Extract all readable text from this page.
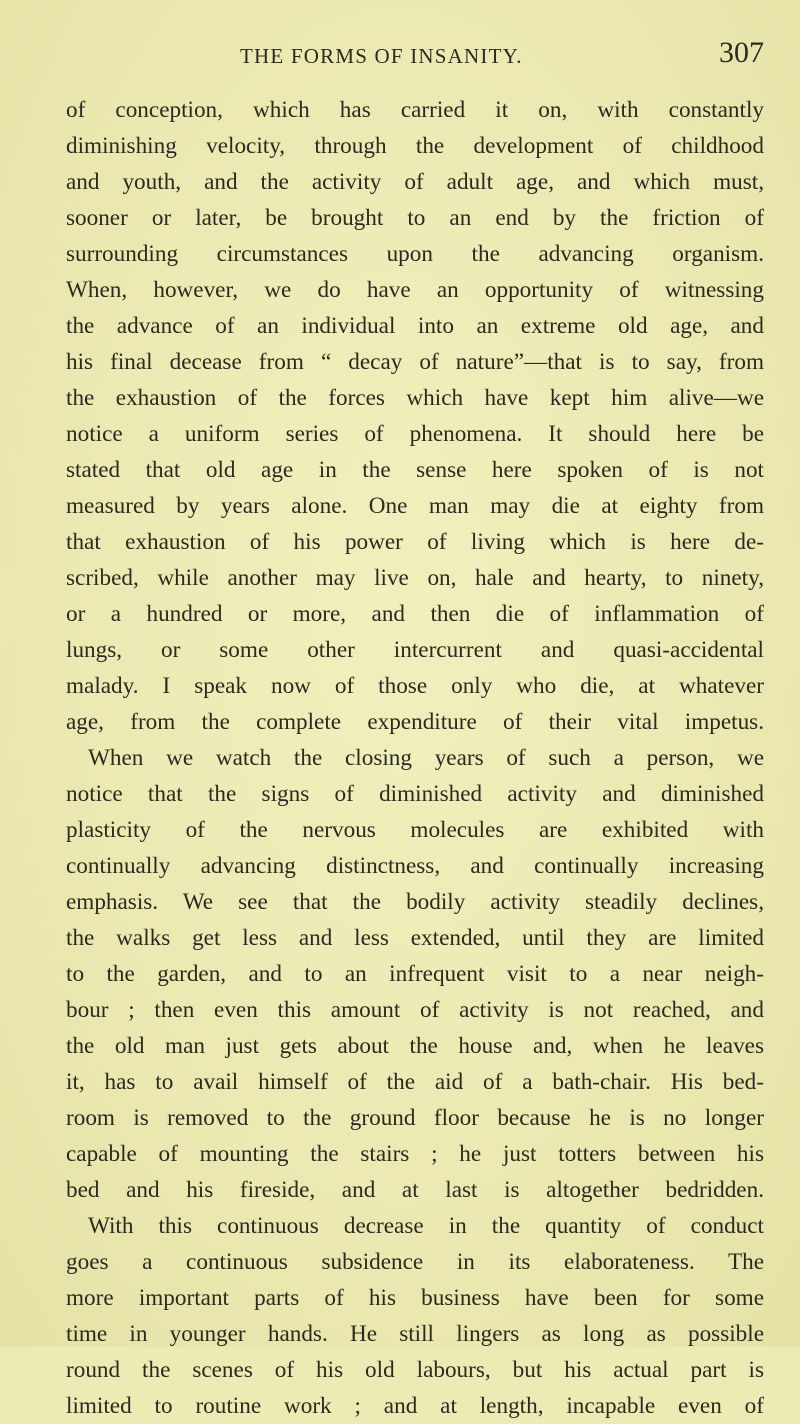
THE FORMS OF INSANITY.	307
of conception, which has carried it on, with constantly
diminishing velocity, through the development of childhood
and youth, and the activity of adult age, and which must,
sooner or later, be brought to an end by the friction of
surrounding circumstances upon the advancing organism.
When, however, we do have an opportunity of witnessing
the advance of an individual into an extreme old age, and
his final decease from “ decay of nature”—that is to say, from
the exhaustion of the forces which have kept him alive—we
notice a uniform series of phenomena. It should here be
stated that old age in the sense here spoken of is not
measured by years alone. One man may die at eighty from
that exhaustion of his power of living which is here de-
scribed, while another may live on, hale and hearty, to ninety,
or a hundred or more, and then die of inflammation of
lungs, or some other intercurrent and quasi-accidental
malady. I speak now of those only who die, at whatever
age, from the complete expenditure of their vital impetus.
When we watch the closing years of such a person, we
notice that the signs of diminished activity and diminished
plasticity of the nervous molecules are exhibited with
continually advancing distinctness, and continually increasing
emphasis. We see that the bodily activity steadily declines,
the walks get less and less extended, until they are limited
to the garden, and to an infrequent visit to a near neigh-
bour ; then even this amount of activity is not reached, and
the old man just gets about the house and, when he leaves
it, has to avail himself of the aid of a bath-chair. His bed-
room is removed to the ground floor because he is no longer
capable of mounting the stairs ; he just totters between his
bed and his fireside, and at last is altogether bedridden.
With this continuous decrease in the quantity of conduct
goes a continuous subsidence in its elaborateness. The
more important parts of his business have been for some
time in younger hands. He still lingers as long as possible
round the scenes of his old labours, but his actual part is
limited to routine work ; and at length, incapable even of
